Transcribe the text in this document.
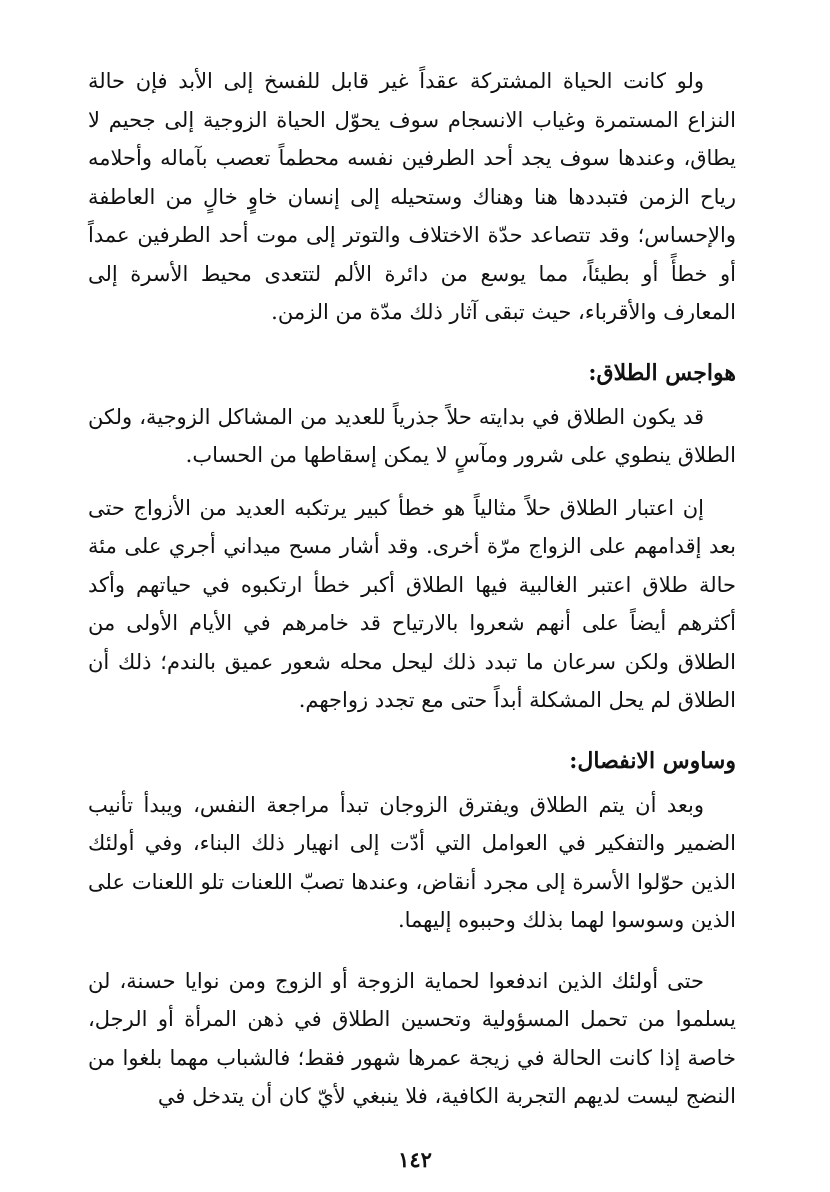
ولو كانت الحياة المشتركة عقداً غير قابل للفسخ إلى الأبد فإن حالة النزاع المستمرة وغياب الانسجام سوف يحوّل الحياة الزوجية إلى جحيم لا يطاق، وعندها سوف يجد أحد الطرفين نفسه محطماً تعصب بآماله وأحلامه رياح الزمن فتبددها هنا وهناك وستحيله إلى إنسان خاوٍ خالٍ من العاطفة والإحساس؛ وقد تتصاعد حدّة الاختلاف والتوتر إلى موت أحد الطرفين عمداً أو خطأً أو بطيئاً، مما يوسع من دائرة الألم لتتعدى محيط الأسرة إلى المعارف والأقرباء، حيث تبقى آثار ذلك مدّة من الزمن.

هواجس الطلاق:

قد يكون الطلاق في بدايته حلاً جذرياً للعديد من المشاكل الزوجية، ولكن الطلاق ينطوي على شرور ومآسٍ لا يمكن إسقاطها من الحساب.

إن اعتبار الطلاق حلاً مثالياً هو خطأ كبير يرتكبه العديد من الأزواج حتى بعد إقدامهم على الزواج مرّة أخرى. وقد أشار مسح ميداني أجري على مئة حالة طلاق اعتبر الغالبية فيها الطلاق أكبر خطأ ارتكبوه في حياتهم وأكد أكثرهم أيضاً على أنهم شعروا بالارتياح قد خامرهم في الأيام الأولى من الطلاق ولكن سرعان ما تبدد ذلك ليحل محله شعور عميق بالندم؛ ذلك أن الطلاق لم يحل المشكلة أبداً حتى مع تجدد زواجهم.

وساوس الانفصال:

وبعد أن يتم الطلاق ويفترق الزوجان تبدأ مراجعة النفس، ويبدأ تأنيب الضمير والتفكير في العوامل التي أدّت إلى انهيار ذلك البناء، وفي أولئك الذين حوّلوا الأسرة إلى مجرد أنقاض، وعندها تصبّ اللعنات تلو اللعنات على الذين وسوسوا لهما بذلك وحببوه إليهما.

حتى أولئك الذين اندفعوا لحماية الزوجة أو الزوج ومن نوايا حسنة، لن يسلموا من تحمل المسؤولية وتحسين الطلاق في ذهن المرأة أو الرجل، خاصة إذا كانت الحالة في زيجة عمرها شهور فقط؛ فالشباب مهما بلغوا من النضج ليست لديهم التجربة الكافية، فلا ينبغي لأيّ كان أن يتدخل في

١٤٢
